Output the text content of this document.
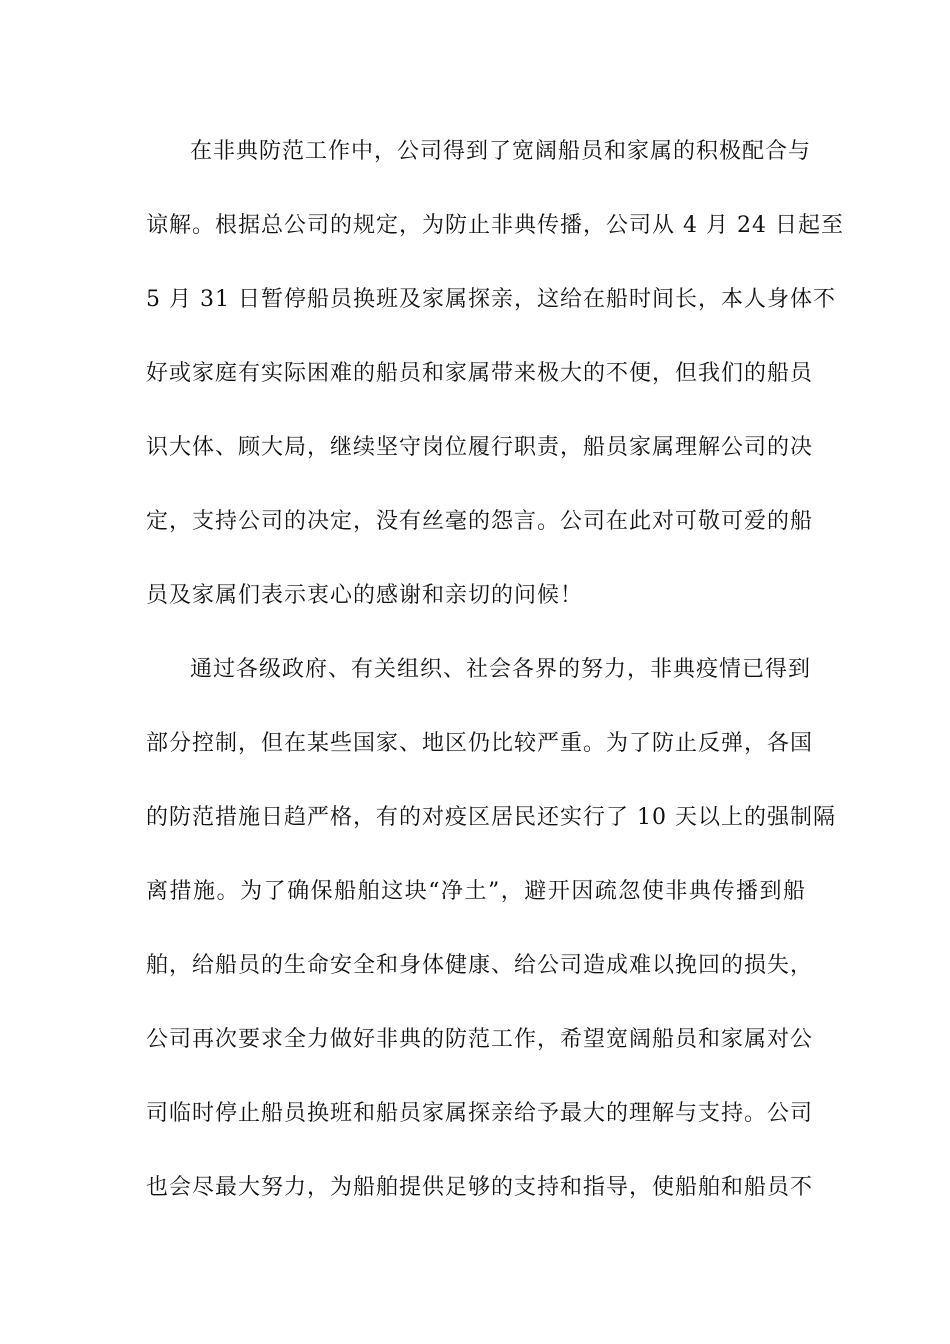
在非典防范工作中，公司得到了宽阔船员和家属的积极配合与
谅解。根据总公司的规定，为防止非典传播，公司从 4 月 24 日起至
5 月 31 日暂停船员换班及家属探亲，这给在船时间长，本人身体不
好或家庭有实际困难的船员和家属带来极大的不便，但我们的船员
识大体、顾大局，继续坚守岗位履行职责，船员家属理解公司的决
定，支持公司的决定，没有丝毫的怨言。公司在此对可敬可爱的船
员及家属们表示衷心的感谢和亲切的问候！
通过各级政府、有关组织、社会各界的努力，非典疫情已得到
部分控制，但在某些国家、地区仍比较严重。为了防止反弹，各国
的防范措施日趋严格，有的对疫区居民还实行了 10 天以上的强制隔
离措施。为了确保船舶这块“净土”，避开因疏忽使非典传播到船
舶，给船员的生命安全和身体健康、给公司造成难以挽回的损失，
公司再次要求全力做好非典的防范工作，希望宽阔船员和家属对公
司临时停止船员换班和船员家属探亲给予最大的理解与支持。公司
也会尽最大努力，为船舶提供足够的支持和指导，使船舶和船员不
